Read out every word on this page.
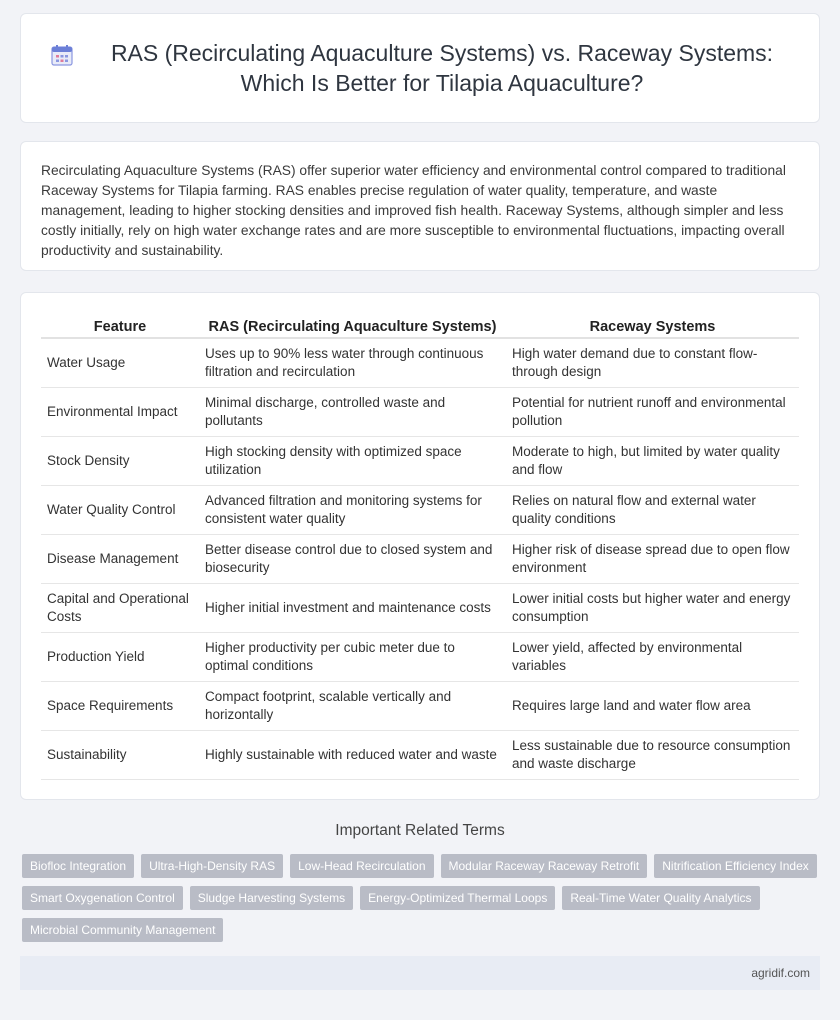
RAS (Recirculating Aquaculture Systems) vs. Raceway Systems: Which Is Better for Tilapia Aquaculture?

Recirculating Aquaculture Systems (RAS) offer superior water efficiency and environmental control compared to traditional Raceway Systems for Tilapia farming. RAS enables precise regulation of water quality, temperature, and waste management, leading to higher stocking densities and improved fish health. Raceway Systems, although simpler and less costly initially, rely on high water exchange rates and are more susceptible to environmental fluctuations, impacting overall productivity and sustainability.

Feature	RAS (Recirculating Aquaculture Systems)	Raceway Systems
Water Usage	Uses up to 90% less water through continuous filtration and recirculation	High water demand due to constant flow-through design
Environmental Impact	Minimal discharge, controlled waste and pollutants	Potential for nutrient runoff and environmental pollution
Stock Density	High stocking density with optimized space utilization	Moderate to high, but limited by water quality and flow
Water Quality Control	Advanced filtration and monitoring systems for consistent water quality	Relies on natural flow and external water quality conditions
Disease Management	Better disease control due to closed system and biosecurity	Higher risk of disease spread due to open flow environment
Capital and Operational Costs	Higher initial investment and maintenance costs	Lower initial costs but higher water and energy consumption
Production Yield	Higher productivity per cubic meter due to optimal conditions	Lower yield, affected by environmental variables
Space Requirements	Compact footprint, scalable vertically and horizontally	Requires large land and water flow area
Sustainability	Highly sustainable with reduced water and waste	Less sustainable due to resource consumption and waste discharge
Important Related Terms
Biofloc Integration	Ultra-High-Density RAS	Low-Head Recirculation	Modular Raceway Raceway Retrofit	Nitrification Efficiency Index
Smart Oxygenation Control	Sludge Harvesting Systems	Energy-Optimized Thermal Loops	Real-Time Water Quality Analytics
Microbial Community Management
agridif.com
